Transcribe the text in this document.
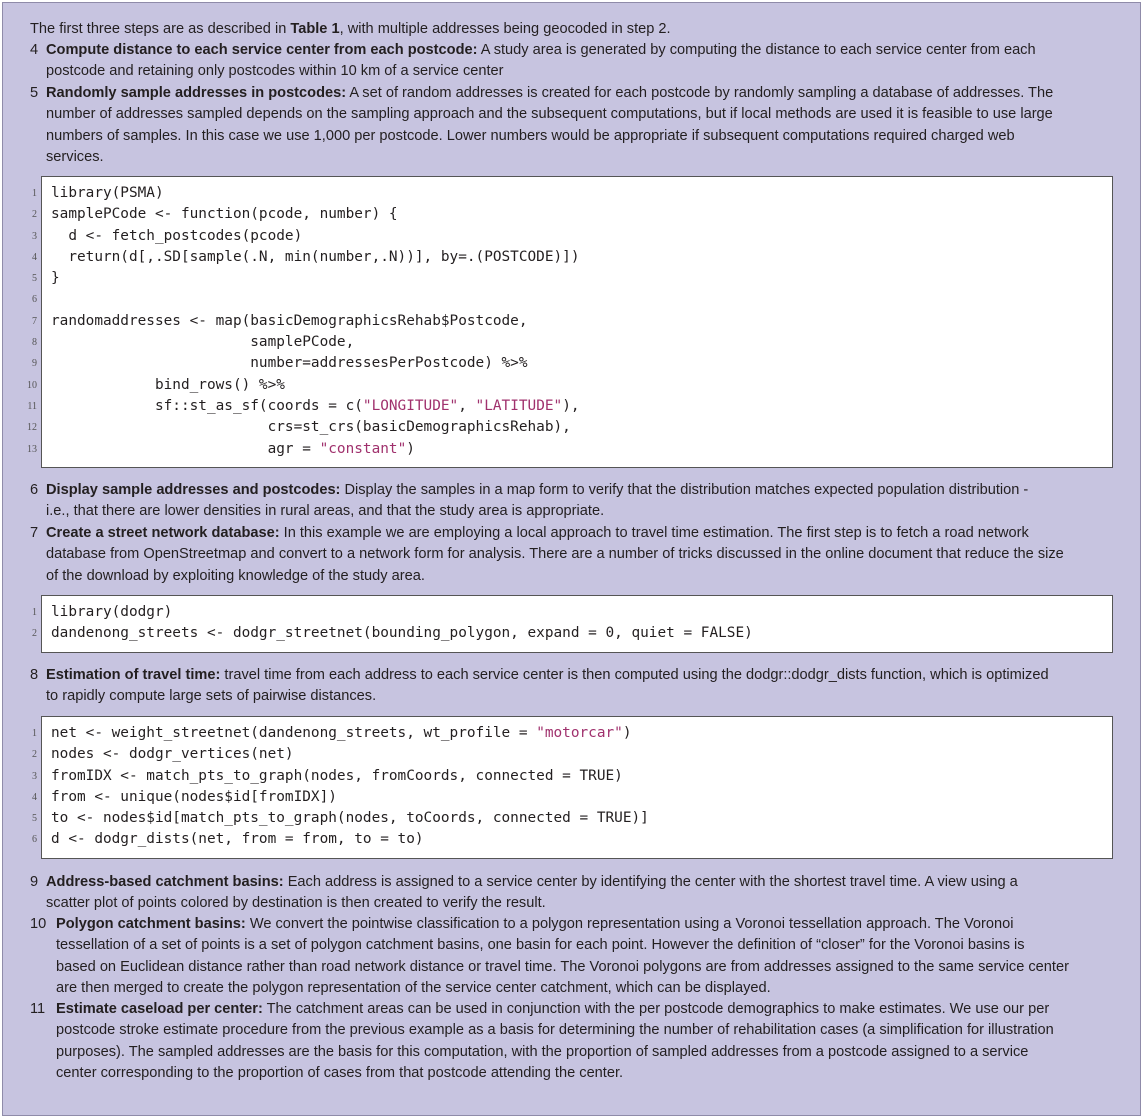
The first three steps are as described in Table 1, with multiple addresses being geocoded in step 2.
4 Compute distance to each service center from each postcode: A study area is generated by computing the distance to each service center from each
postcode and retaining only postcodes within 10 km of a service center
5 Randomly sample addresses in postcodes: A set of random addresses is created for each postcode by randomly sampling a database of addresses. The
number of addresses sampled depends on the sampling approach and the subsequent computations, but if local methods are used it is feasible to use large
numbers of samples. In this case we use 1,000 per postcode. Lower numbers would be appropriate if subsequent computations required charged web
services.
1 library(PSMA)
2 samplePCode <- function(pcode, number) {
3 d <- fetch_postcodes(pcode)
4 return(d[,.SD[sample(.N, min(number,.N))], by=.(POSTCODE)])
5 }
6
7 randomaddresses <- map(basicDemographicsRehab$Postcode,
8 samplePCode,
9 number=addressesPerPostcode) %>%
10 bind_rows() %>%
11 sf::st_as_sf(coords = c("LONGITUDE", "LATITUDE"),
12 crs=st_crs(basicDemographicsRehab),
13 agr = "constant")
6 Display sample addresses and postcodes: Display the samples in a map form to verify that the distribution matches expected population distribution -
i.e., that there are lower densities in rural areas, and that the study area is appropriate.
7 Create a street network database: In this example we are employing a local approach to travel time estimation. The first step is to fetch a road network
database from OpenStreetmap and convert to a network form for analysis. There are a number of tricks discussed in the online document that reduce the size
of the download by exploiting knowledge of the study area.
1 library(dodgr)
2 dandenong_streets <- dodgr_streetnet(bounding_polygon, expand = 0, quiet = FALSE)
8 Estimation of travel time: travel time from each address to each service center is then computed using the dodgr::dodgr_dists function, which is optimized
to rapidly compute large sets of pairwise distances.
1 net <- weight_streetnet(dandenong_streets, wt_profile = "motorcar")
2 nodes <- dodgr_vertices(net)
3 fromIDX <- match_pts_to_graph(nodes, fromCoords, connected = TRUE)
4 from <- unique(nodes$id[fromIDX])
5 to <- nodes$id[match_pts_to_graph(nodes, toCoords, connected = TRUE)]
6 d <- dodgr_dists(net, from = from, to = to)
9 Address-based catchment basins: Each address is assigned to a service center by identifying the center with the shortest travel time. A view using a
scatter plot of points colored by destination is then created to verify the result.
10 Polygon catchment basins: We convert the pointwise classification to a polygon representation using a Voronoi tessellation approach. The Voronoi
tessellation of a set of points is a set of polygon catchment basins, one basin for each point. However the definition of “closer” for the Voronoi basins is
based on Euclidean distance rather than road network distance or travel time. The Voronoi polygons are from addresses assigned to the same service center
are then merged to create the polygon representation of the service center catchment, which can be displayed.
11 Estimate caseload per center: The catchment areas can be used in conjunction with the per postcode demographics to make estimates. We use our per
postcode stroke estimate procedure from the previous example as a basis for determining the number of rehabilitation cases (a simplification for illustration
purposes). The sampled addresses are the basis for this computation, with the proportion of sampled addresses from a postcode assigned to a service
center corresponding to the proportion of cases from that postcode attending the center.
